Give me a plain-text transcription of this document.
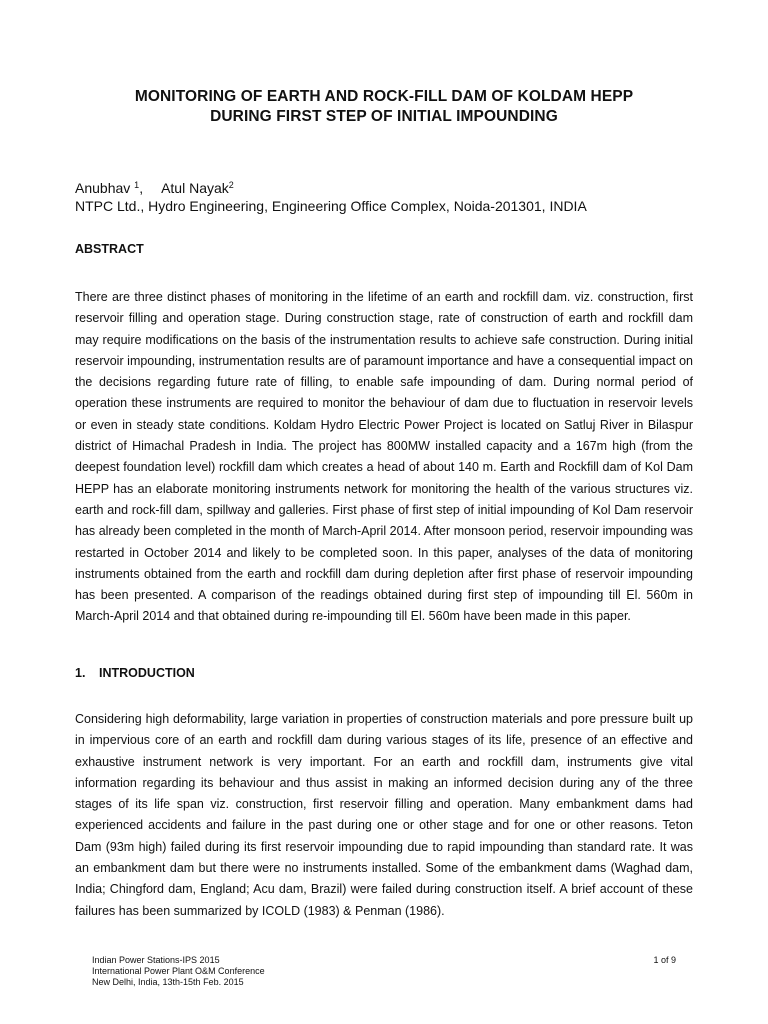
MONITORING OF EARTH AND ROCK-FILL DAM OF KOLDAM HEPP
DURING FIRST STEP OF INITIAL IMPOUNDING
Anubhav $^1$, Atul Nayak$^2$
NTPC Ltd., Hydro Engineering, Engineering Office Complex, Noida-201301, INDIA
ABSTRACT
There are three distinct phases of monitoring in the lifetime of an earth and rockfill dam. viz. construction, first reservoir filling and operation stage. During construction stage, rate of construction of earth and rockfill dam may require modifications on the basis of the instrumentation results to achieve safe construction. During initial reservoir impounding, instrumentation results are of paramount importance and have a consequential impact on the decisions regarding future rate of filling, to enable safe impounding of dam. During normal period of operation these instruments are required to monitor the behaviour of dam due to fluctuation in reservoir levels or even in steady state conditions. Koldam Hydro Electric Power Project is located on Satluj River in Bilaspur district of Himachal Pradesh in India. The project has 800MW installed capacity and a 167m high (from the deepest foundation level) rockfill dam which creates a head of about 140 m. Earth and Rockfill dam of Kol Dam HEPP has an elaborate monitoring instruments network for monitoring the health of the various structures viz. earth and rock-fill dam, spillway and galleries. First phase of first step of initial impounding of Kol Dam reservoir has already been completed in the month of March-April 2014. After monsoon period, reservoir impounding was restarted in October 2014 and likely to be completed soon. In this paper, analyses of the data of monitoring instruments obtained from the earth and rockfill dam during depletion after first phase of reservoir impounding has been presented. A comparison of the readings obtained during first step of impounding till El. 560m in March-April 2014 and that obtained during re-impounding till El. 560m have been made in this paper.
1. INTRODUCTION
Considering high deformability, large variation in properties of construction materials and pore pressure built up in impervious core of an earth and rockfill dam during various stages of its life, presence of an effective and exhaustive instrument network is very important. For an earth and rockfill dam, instruments give vital information regarding its behaviour and thus assist in making an informed decision during any of the three stages of its life span viz. construction, first reservoir filling and operation. Many embankment dams had experienced accidents and failure in the past during one or other stage and for one or other reasons. Teton Dam (93m high) failed during its first reservoir impounding due to rapid impounding than standard rate. It was an embankment dam but there were no instruments installed. Some of the embankment dams (Waghad dam, India; Chingford dam, England; Acu dam, Brazil) were failed during construction itself. A brief account of these failures has been summarized by ICOLD (1983) & Penman (1986).
Indian Power Stations-IPS 2015
International Power Plant O&M Conference
New Delhi, India, 13th-15th Feb. 2015
1 of 9
